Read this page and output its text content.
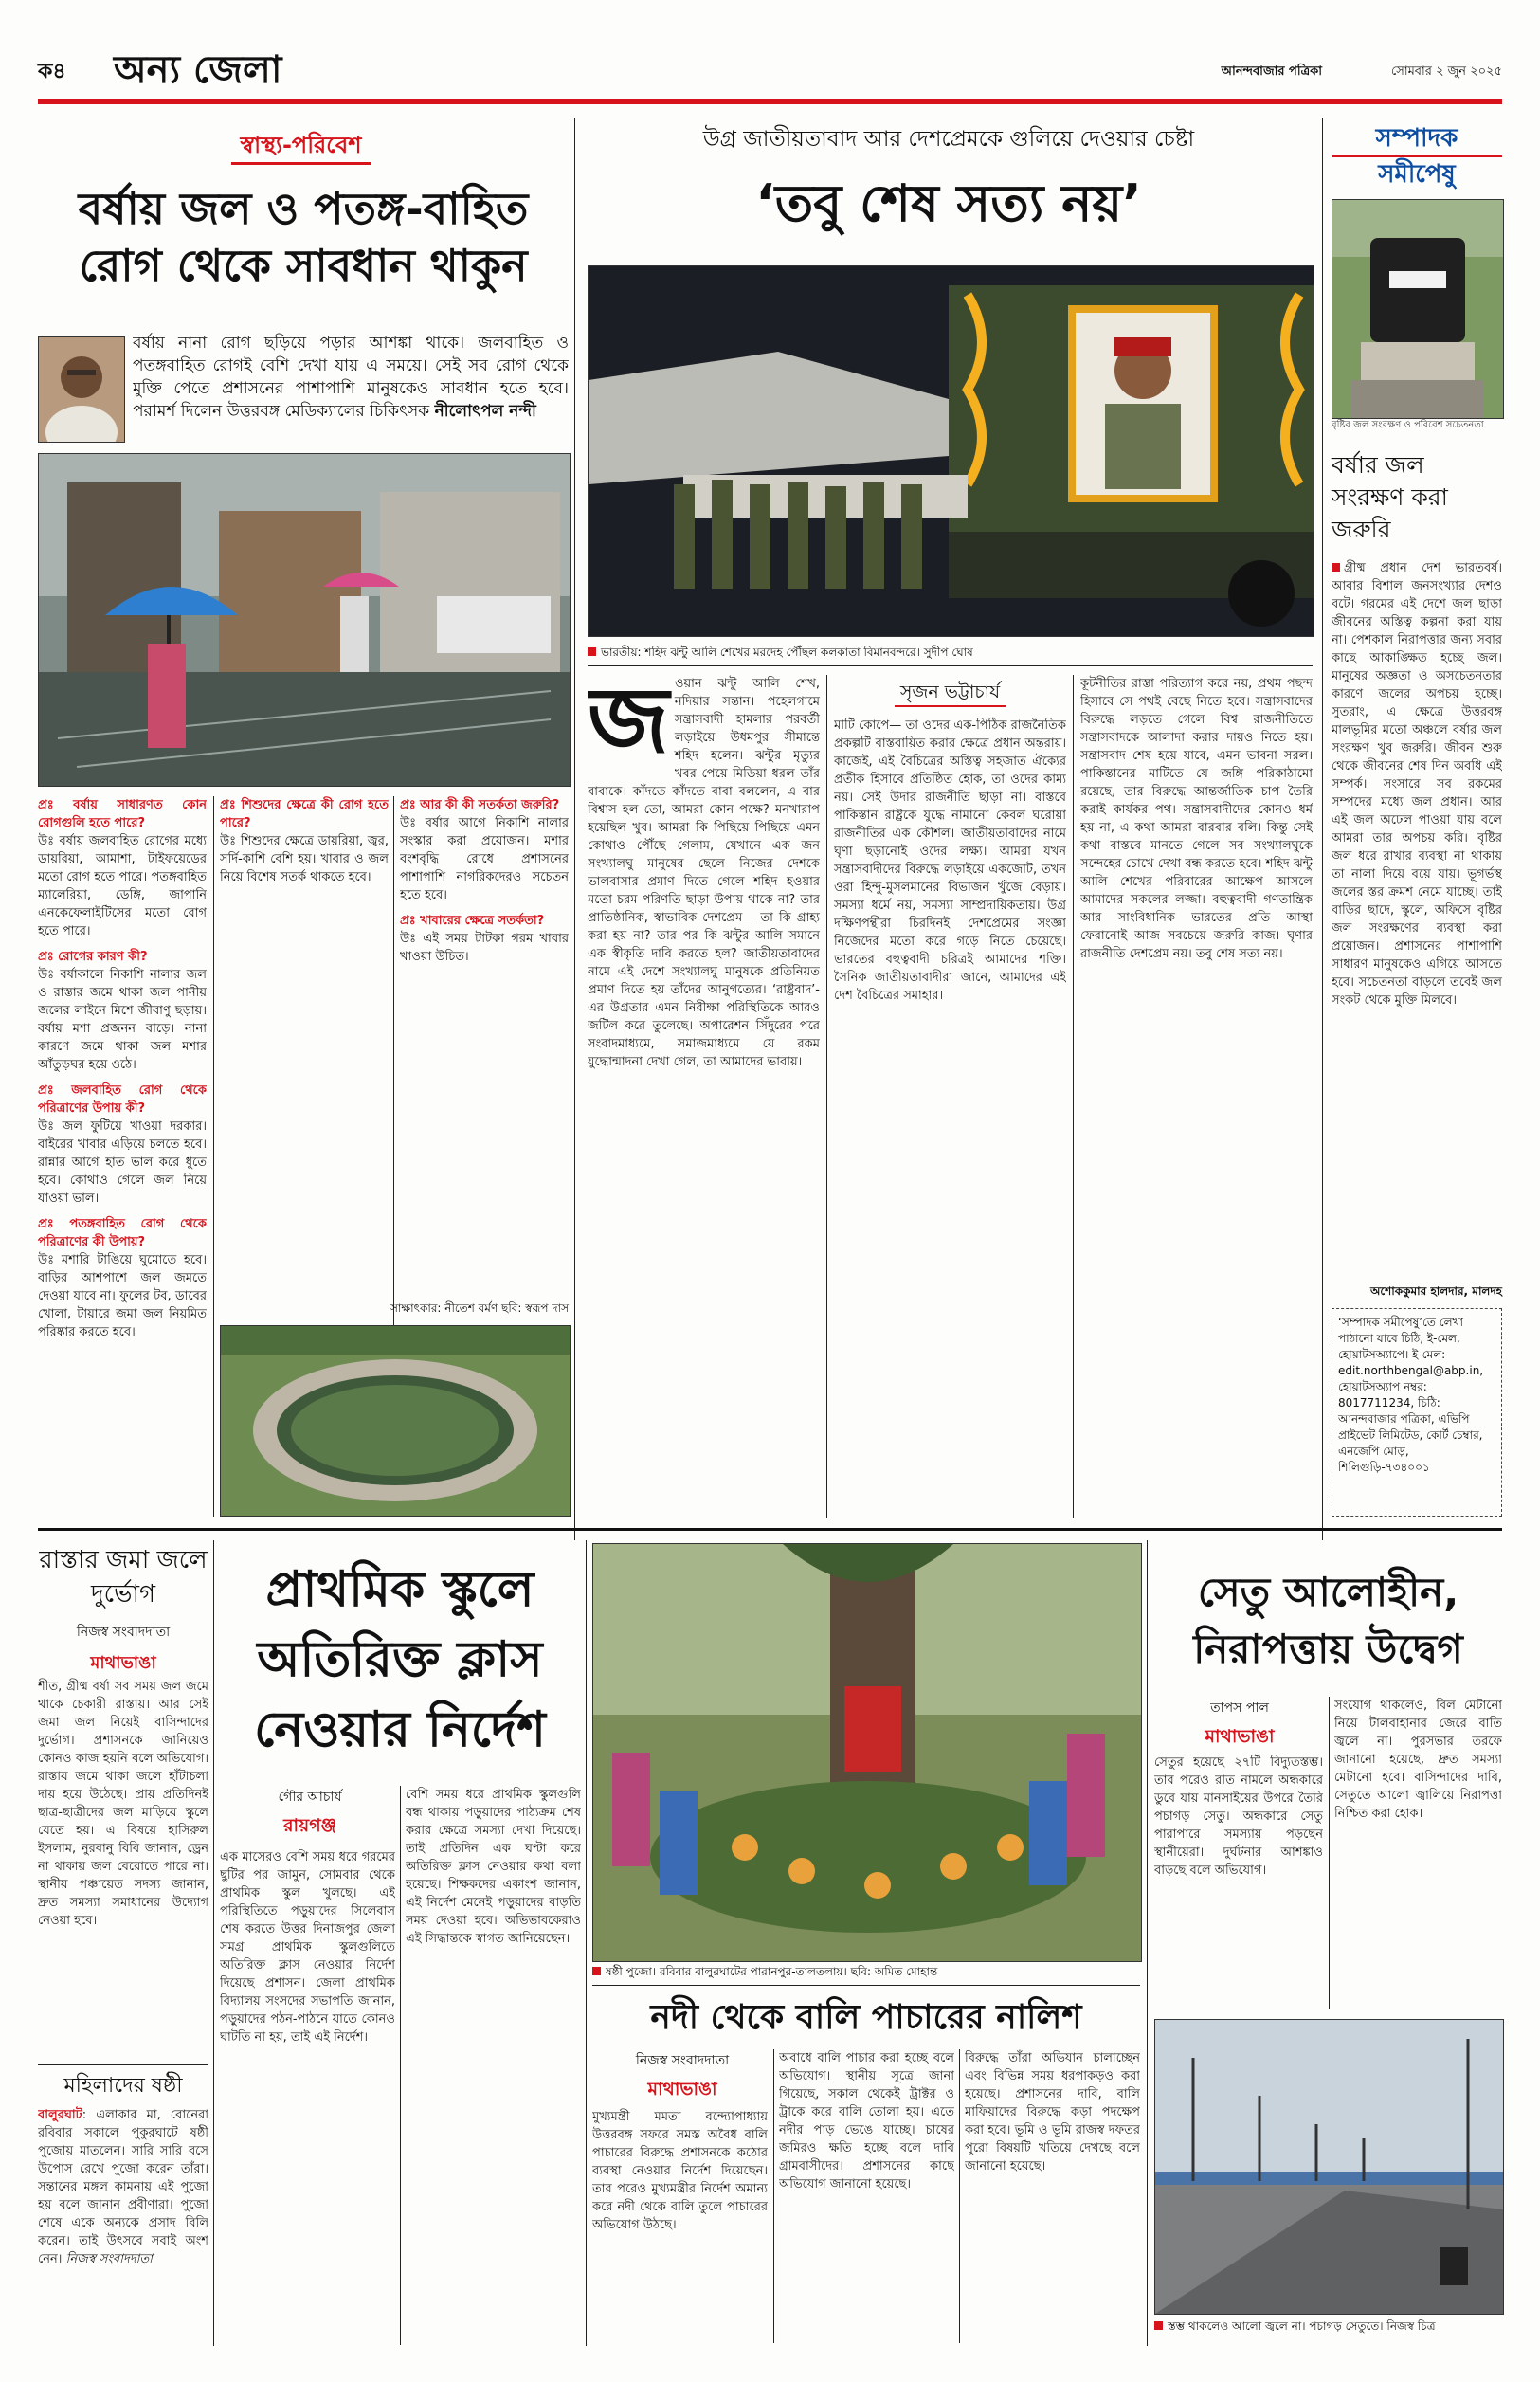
ক৪ অন্য জেলা	আনন্দবাজার পত্রিকা	সোমবার ২ জুন ২০২৫
স্বাস্থ্য-পরিবেশ
বর্ষায় জল ও পতঙ্গ-বাহিত
রোগ থেকে সাবধান থাকুন
বর্ষায় নানা রোগ ছড়িয়ে পড়ার আশঙ্কা থাকে। জলবাহিত ও পতঙ্গবাহিত রোগই বেশি দেখা যায় এ সময়ে। সেই সব রোগ থেকে মুক্তি পেতে প্রশাসনের পাশাপাশি মানুষকেও সাবধান হতে হবে। পরামর্শ দিলেন উত্তরবঙ্গ মেডিক্যালের চিকিৎসক নীলোৎপল নন্দী

প্রঃ বর্ষায় সাধারণত কোন রোগগুলি হতে পারে?
উঃ বর্ষায় জলবাহিত রোগের মধ্যে ডায়রিয়া, আমাশা, টাইফয়েডের মতো রোগ হতে পারে। পতঙ্গবাহিত ম্যালেরিয়া, ডেঙ্গি, জাপানি এনকেফেলাইটিসের মতো রোগ হতে পারে।

প্রঃ রোগের কারণ কী?
উঃ বর্ষাকালে নিকাশি নালার জল ও রাস্তার জমে থাকা জল পানীয় জলের লাইনে মিশে জীবাণু ছড়ায়। বর্ষায় মশা প্রজনন বাড়ে। নানা কারণে জমে থাকা জল মশার আঁতুড়ঘর হয়ে ওঠে।

প্রঃ জলবাহিত রোগ থেকে পরিত্রাণের উপায় কী?
উঃ জল ফুটিয়ে খাওয়া দরকার। বাইরের খাবার এড়িয়ে চলতে হবে। রান্নার আগে হাত ভাল করে ধুতে হবে। কোথাও গেলে জল নিয়ে যাওয়া ভাল।

প্রঃ পতঙ্গবাহিত রোগ থেকে পরিত্রাণের কী উপায়?
উঃ মশারি টাঙিয়ে ঘুমোতে হবে। বাড়ির আশপাশে জল জমতে দেওয়া যাবে না। ফুলের টব, ডাবের খোলা, টায়ারে জমা জল নিয়মিত পরিষ্কার করতে হবে।

প্রঃ শিশুদের ক্ষেত্রে কী রোগ হতে পারে?
উঃ শিশুদের ক্ষেত্রে ডায়রিয়া, জ্বর, সর্দি-কাশি বেশি হয়। খাবার ও জল নিয়ে বিশেষ সতর্ক থাকতে হবে।

প্রঃ আর কী কী সতর্কতা জরুরি?
উঃ বর্ষার আগে নিকাশি নালার সংস্কার করা প্রয়োজন। মশার বংশবৃদ্ধি রোধে প্রশাসনের পাশাপাশি নাগরিকদেরও সচেতন হতে হবে।

প্রঃ খাবারের ক্ষেত্রে সতর্কতা?
উঃ এই সময় টাটকা গরম খাবার খাওয়া উচিত।

সাক্ষাৎকার: নীতেশ বর্মণ ছবি: স্বরূপ দাস
উগ্র জাতীয়তাবাদ আর দেশপ্রেমকে গুলিয়ে দেওয়ার চেষ্টা
‘তবু শেষ সত্য নয়’
ভারতীয়: শহিদ ঝন্টু আলি শেখের মরদেহ পৌঁছল কলকাতা বিমানবন্দরে। সুদীপ ঘোষ
জ ওয়ান ঝন্টু আলি শেখ, নদিয়ার সন্তান। পহেলগামে সন্ত্রাসবাদী হামলার পরবর্তী লড়াইয়ে উধমপুর সীমান্তে শহিদ হলেন। ঝন্টুর মৃত্যুর খবর পেয়ে মিডিয়া ধরল তাঁর বাবাকে। কাঁদতে কাঁদতে বাবা বললেন, এ বার বিশ্বাস হল তো, আমরা কোন পক্ষে? মনখারাপ হয়েছিল খুব। আমরা কি পিছিয়ে পিছিয়ে এমন কোথাও পৌঁছে গেলাম, যেখানে এক জন সংখ্যালঘু মানুষের ছেলে নিজের দেশকে ভালবাসার প্রমাণ দিতে গেলে শহিদ হওয়ার মতো চরম পরিণতি ছাড়া উপায় থাকে না? তার প্রাতিষ্ঠানিক, স্বাভাবিক দেশপ্রেম— তা কি গ্রাহ্য করা হয় না? তার পর কি ঝন্টুর আলি সমানে এক স্বীকৃতি দাবি করতে হল? জাতীয়তাবাদের নামে এই দেশে সংখ্যালঘু মানুষকে প্রতিনিয়ত প্রমাণ দিতে হয় তাঁদের আনুগত্যের। ‘রাষ্ট্রবাদ’-এর উগ্রতার এমন নিরীক্ষা পরিস্থিতিকে আরও জটিল করে তুলেছে। অপারেশন সিঁদুরের পরে সংবাদমাধ্যমে, সমাজমাধ্যমে যে রকম যুদ্ধোন্মাদনা দেখা গেল, তা আমাদের ভাবায়।
সৃজন ভট্টাচার্য
মাটি কোপে— তা ওদের এক-পিঠিক রাজনৈতিক প্রকল্পটি বাস্তবায়িত করার ক্ষেত্রে প্রধান অন্তরায়। কাজেই, এই বৈচিত্রের অস্তিত্ব সহজাত ঐক্যের প্রতীক হিসাবে প্রতিষ্ঠিত হোক, তা ওদের কাম্য নয়। সেই উদার রাজনীতি ছাড়া না। বাস্তবে পাকিস্তান রাষ্ট্রকে যুদ্ধে নামানো কেবল ঘরোয়া রাজনীতির এক কৌশল। জাতীয়তাবাদের নামে ঘৃণা ছড়ানোই ওদের লক্ষ্য। আমরা যখন সন্ত্রাসবাদীদের বিরুদ্ধে লড়াইয়ে একজোট, তখন ওরা হিন্দু-মুসলমানের বিভাজন খুঁজে বেড়ায়। সমস্যা ধর্মে নয়, সমস্যা সাম্প্রদায়িকতায়। উগ্র দক্ষিণপন্থীরা চিরদিনই দেশপ্রেমের সংজ্ঞা নিজেদের মতো করে গড়ে নিতে চেয়েছে। ভারতের বহুত্ববাদী চরিত্রই আমাদের শক্তি। সৈনিক জাতীয়তাবাদীরা জানে, আমাদের এই দেশ বৈচিত্রের সমাহার।
কূটনীতির রাস্তা পরিত্যাগ করে নয়, প্রথম পছন্দ হিসাবে সে পথই বেছে নিতে হবে। সন্ত্রাসবাদের বিরুদ্ধে লড়তে গেলে বিশ্ব রাজনীতিতে সন্ত্রাসবাদকে আলাদা করার দায়ও নিতে হয়। সন্ত্রাসবাদ শেষ হয়ে যাবে, এমন ভাবনা সরল। পাকিস্তানের মাটিতে যে জঙ্গি পরিকাঠামো রয়েছে, তার বিরুদ্ধে আন্তর্জাতিক চাপ তৈরি করাই কার্যকর পথ। সন্ত্রাসবাদীদের কোনও ধর্ম হয় না, এ কথা আমরা বারবার বলি। কিন্তু সেই কথা বাস্তবে মানতে গেলে সব সংখ্যালঘুকে সন্দেহের চোখে দেখা বন্ধ করতে হবে। শহিদ ঝন্টু আলি শেখের পরিবারের আক্ষেপ আসলে আমাদের সকলের লজ্জা। বহুত্ববাদী গণতান্ত্রিক আর সাংবিধানিক ভারতের প্রতি আস্থা ফেরানোই আজ সবচেয়ে জরুরি কাজ। ঘৃণার রাজনীতি দেশপ্রেম নয়। তবু শেষ সত্য নয়।
সম্পাদক
সমীপেষু
বৃষ্টির জল সংরক্ষণ ও পরিবেশ সচেতনতা
বর্ষার জল সংরক্ষণ করা জরুরি
গ্রীষ্ম প্রধান দেশ ভারতবর্ষ। আবার বিশাল জনসংখ্যার দেশও বটে। গরমের এই দেশে জল ছাড়া জীবনের অস্তিত্ব কল্পনা করা যায় না। পেশকাল নিরাপত্তার জন্য সবার কাছে আকাঙ্ক্ষিত হচ্ছে জল। মানুষের অজ্ঞতা ও অসচেতনতার কারণে জলের অপচয় হচ্ছে। সুতরাং, এ ক্ষেত্রে উত্তরবঙ্গ মালভূমির মতো অঞ্চলে বর্ষার জল সংরক্ষণ খুব জরুরি। জীবন শুরু থেকে জীবনের শেষ দিন অবধি এই সম্পর্ক। সংসারে সব রকমের সম্পদের মধ্যে জল প্রধান। আর এই জল অঢেল পাওয়া যায় বলে আমরা তার অপচয় করি। বৃষ্টির জল ধরে রাখার ব্যবস্থা না থাকায় তা নালা দিয়ে বয়ে যায়। ভূগর্ভস্থ জলের স্তর ক্রমশ নেমে যাচ্ছে। তাই বাড়ির ছাদে, স্কুলে, অফিসে বৃষ্টির জল সংরক্ষণের ব্যবস্থা করা প্রয়োজন। প্রশাসনের পাশাপাশি সাধারণ মানুষকেও এগিয়ে আসতে হবে। সচেতনতা বাড়লে তবেই জল সংকট থেকে মুক্তি মিলবে।
অশোককুমার হালদার, মালদহ
‘সম্পাদক সমীপেষু’তে লেখা পাঠানো যাবে চিঠি, ই-মেল, হোয়াটসঅ্যাপে। ই-মেল: edit.northbengal@abp.in, হোয়াটসঅ্যাপ নম্বর: 8017711234, চিঠি: আনন্দবাজার পত্রিকা, এভিপি প্রাইভেট লিমিটেড, কোর্ট চেম্বার, এনজেপি মোড়, শিলিগুড়ি-৭৩৪০০১
রাস্তার জমা জলে দুর্ভোগ
নিজস্ব সংবাদদাতা
মাথাভাঙা
শীত, গ্রীষ্ম বর্ষা সব সময় জল জমে থাকে চেকারী রাস্তায়। আর সেই জমা জল নিয়েই বাসিন্দাদের দুর্ভোগ। প্রশাসনকে জানিয়েও কোনও কাজ হয়নি বলে অভিযোগ। রাস্তায় জমে থাকা জলে হাঁটাচলা দায় হয়ে উঠেছে। প্রায় প্রতিদিনই ছাত্র-ছাত্রীদের জল মাড়িয়ে স্কুলে যেতে হয়। এ বিষয়ে হাসিরুল ইসলাম, নুরবানু বিবি জানান, ড্রেন না থাকায় জল বেরোতে পারে না। স্থানীয় পঞ্চায়েত সদস্য জানান, দ্রুত সমস্যা সমাধানের উদ্যোগ নেওয়া হবে।
মহিলাদের ষষ্ঠী
বালুরঘাট: এলাকার মা, বোনেরা রবিবার সকালে পুকুরঘাটে ষষ্ঠী পুজোয় মাতলেন। সারি সারি বসে উপোস রেখে পুজো করেন তাঁরা। সন্তানের মঙ্গল কামনায় এই পুজো হয় বলে জানান প্রবীণারা। পুজো শেষে একে অন্যকে প্রসাদ বিলি করেন। তাই উৎসবে সবাই অংশ নেন। নিজস্ব সংবাদদাতা
প্রাথমিক স্কুলে
অতিরিক্ত ক্লাস
নেওয়ার নির্দেশ
গৌর আচার্য
রায়গঞ্জ
এক মাসেরও বেশি সময় ধরে গরমের ছুটির পর জামুন, সোমবার থেকে প্রাথমিক স্কুল খুলছে। এই পরিস্থিতিতে পড়ুয়াদের সিলেবাস শেষ করতে উত্তর দিনাজপুর জেলা সমগ্র প্রাথমিক স্কুলগুলিতে অতিরিক্ত ক্লাস নেওয়ার নির্দেশ দিয়েছে প্রশাসন। জেলা প্রাথমিক বিদ্যালয় সংসদের সভাপতি জানান, পড়ুয়াদের পঠন-পাঠনে যাতে কোনও ঘাটতি না হয়, তাই এই নির্দেশ।
বেশি সময় ধরে প্রাথমিক স্কুলগুলি বন্ধ থাকায় পড়ুয়াদের পাঠ্যক্রম শেষ করার ক্ষেত্রে সমস্যা দেখা দিয়েছে। তাই প্রতিদিন এক ঘণ্টা করে অতিরিক্ত ক্লাস নেওয়ার কথা বলা হয়েছে। শিক্ষকদের একাংশ জানান, এই নির্দেশ মেনেই পড়ুয়াদের বাড়তি সময় দেওয়া হবে। অভিভাবকেরাও এই সিদ্ধান্তকে স্বাগত জানিয়েছেন।
ষষ্ঠী পুজো। রবিবার বালুরঘাটের পারানপুর-তালতলায়। ছবি: অমিত মোহান্ত
নদী থেকে বালি পাচারের নালিশ
নিজস্ব সংবাদদাতা
মাথাভাঙা
মুখ্যমন্ত্রী মমতা বন্দ্যোপাধ্যায় উত্তরবঙ্গ সফরে সমস্ত অবৈধ বালি পাচারের বিরুদ্ধে প্রশাসনকে কঠোর ব্যবস্থা নেওয়ার নির্দেশ দিয়েছেন। তার পরেও মুখ্যমন্ত্রীর নির্দেশ অমান্য করে নদী থেকে বালি তুলে পাচারের অভিযোগ উঠছে।
অবাধে বালি পাচার করা হচ্ছে বলে অভিযোগ। স্থানীয় সূত্রে জানা গিয়েছে, সকাল থেকেই ট্রাক্টর ও ট্রাকে করে বালি তোলা হয়। এতে নদীর পাড় ভেঙে যাচ্ছে। চাষের জমিরও ক্ষতি হচ্ছে বলে দাবি গ্রামবাসীদের। প্রশাসনের কাছে অভিযোগ জানানো হয়েছে।
বিরুদ্ধে তাঁরা অভিযান চালাচ্ছেন এবং বিভিন্ন সময় ধরপাকড়ও করা হয়েছে। প্রশাসনের দাবি, বালি মাফিয়াদের বিরুদ্ধে কড়া পদক্ষেপ করা হবে। ভূমি ও ভূমি রাজস্ব দফতর পুরো বিষয়টি খতিয়ে দেখছে বলে জানানো হয়েছে।
সেতু আলোহীন,
নিরাপত্তায় উদ্বেগ
তাপস পাল
মাথাভাঙা
সেতুর হয়েছে ২৭টি বিদ্যুতস্তম্ভ। তার পরেও রাত নামলে অন্ধকারে ডুবে যায় মানসাইয়ের উপরে তৈরি পচাগড় সেতু। অন্ধকারে সেতু পারাপারে সমস্যায় পড়ছেন স্থানীয়েরা। দুর্ঘটনার আশঙ্কাও বাড়ছে বলে অভিযোগ।
সংযোগ থাকলেও, বিল মেটানো নিয়ে টালবাহানার জেরে বাতি জ্বলে না। পুরসভার তরফে জানানো হয়েছে, দ্রুত সমস্যা মেটানো হবে। বাসিন্দাদের দাবি, সেতুতে আলো জ্বালিয়ে নিরাপত্তা নিশ্চিত করা হোক।
স্তম্ভ থাকলেও আলো জ্বলে না। পচাগড় সেতুতে। নিজস্ব চিত্র
